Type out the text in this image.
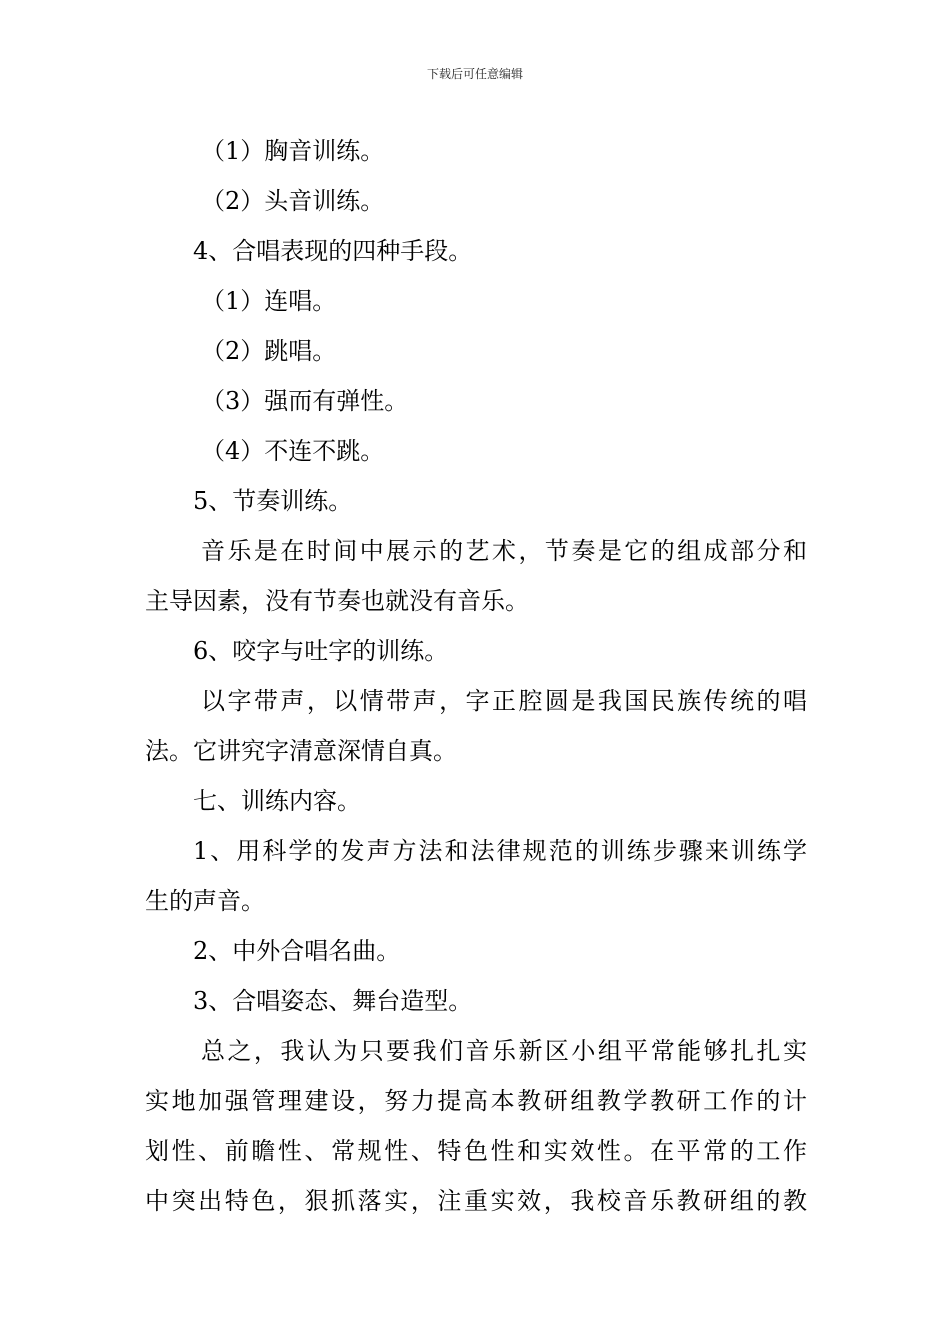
下载后可任意编辑
（1）胸音训练。
（2）头音训练。
4、合唱表现的四种手段。
（1）连唱。
（2）跳唱。
（3）强而有弹性。
（4）不连不跳。
5、节奏训练。
音乐是在时间中展示的艺术，节奏是它的组成部分和
主导因素，没有节奏也就没有音乐。
6、咬字与吐字的训练。
以字带声，以情带声，字正腔圆是我国民族传统的唱
法。它讲究字清意深情自真。
七、训练内容。
1、用科学的发声方法和法律规范的训练步骤来训练学
生的声音。
2、中外合唱名曲。
3、合唱姿态、舞台造型。
总之，我认为只要我们音乐新区小组平常能够扎扎实
实地加强管理建设，努力提高本教研组教学教研工作的计
划性、前瞻性、常规性、特色性和实效性。在平常的工作
中突出特色，狠抓落实，注重实效，我校音乐教研组的教
